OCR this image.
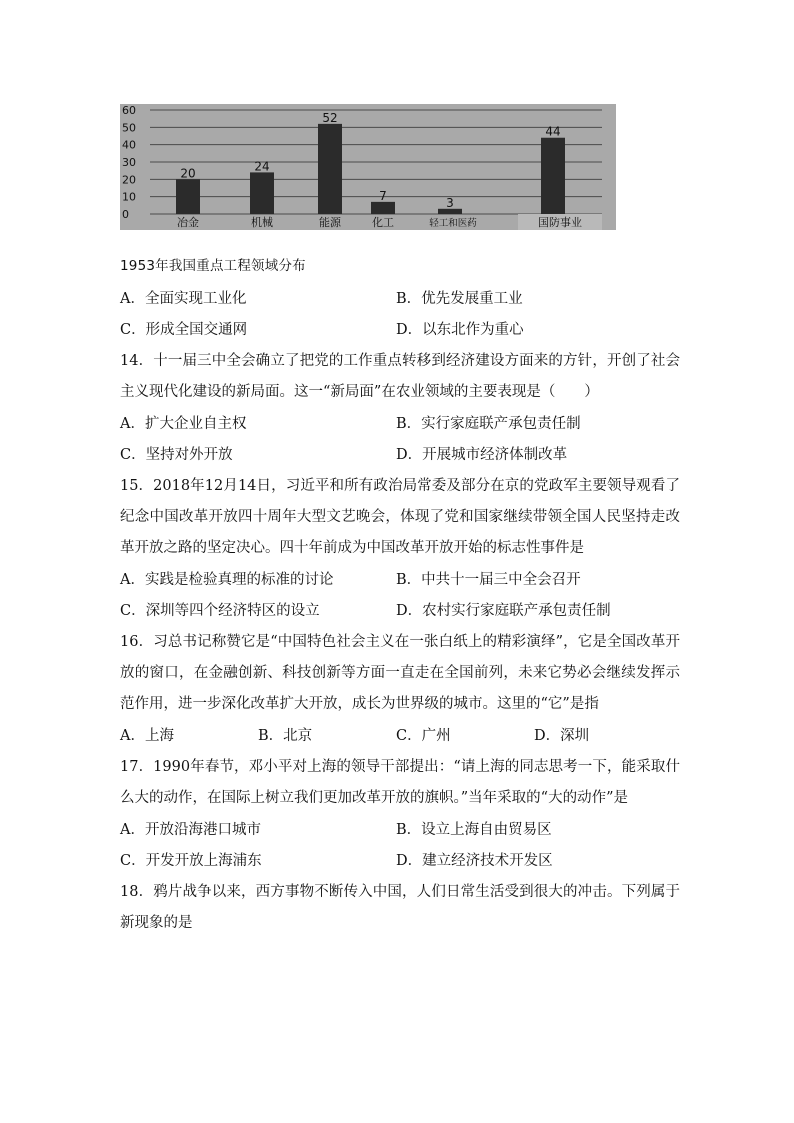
0
10
20
30
40
50
60
20	24
52
7	3
44
冶金	机械	能源	化工	轻工和医药	国防事业
1953年我国重点工程领域分布
A．全面实现工业化	B．优先发展重工业
C．形成全国交通网	D．以东北作为重心
14．十一届三中全会确立了把党的工作重点转移到经济建设方面来的方针，开创了社会主义现代化建设的新局面。这一“新局面”在农业领域的主要表现是（　　）
A．扩大企业自主权	B．实行家庭联产承包责任制
C．坚持对外开放	D．开展城市经济体制改革
15．2018年12月14日，习近平和所有政治局常委及部分在京的党政军主要领导观看了纪念中国改革开放四十周年大型文艺晚会，体现了党和国家继续带领全国人民坚持走改革开放之路的坚定决心。四十年前成为中国改革开放开始的标志性事件是
A．实践是检验真理的标准的讨论	B．中共十一届三中全会召开
C．深圳等四个经济特区的设立	D．农村实行家庭联产承包责任制
16．习总书记称赞它是“中国特色社会主义在一张白纸上的精彩演绎”，它是全国改革开放的窗口，在金融创新、科技创新等方面一直走在全国前列，未来它势必会继续发挥示范作用，进一步深化改革扩大开放，成长为世界级的城市。这里的“它”是指
A．上海	B．北京	C．广州	D．深圳
17．1990年春节，邓小平对上海的领导干部提出：“请上海的同志思考一下，能采取什么大的动作，在国际上树立我们更加改革开放的旗帜。”当年采取的“大的动作”是
A．开放沿海港口城市	B．设立上海自由贸易区
C．开发开放上海浦东	D．建立经济技术开发区
18．鸦片战争以来，西方事物不断传入中国，人们日常生活受到很大的冲击。下列属于新现象的是
